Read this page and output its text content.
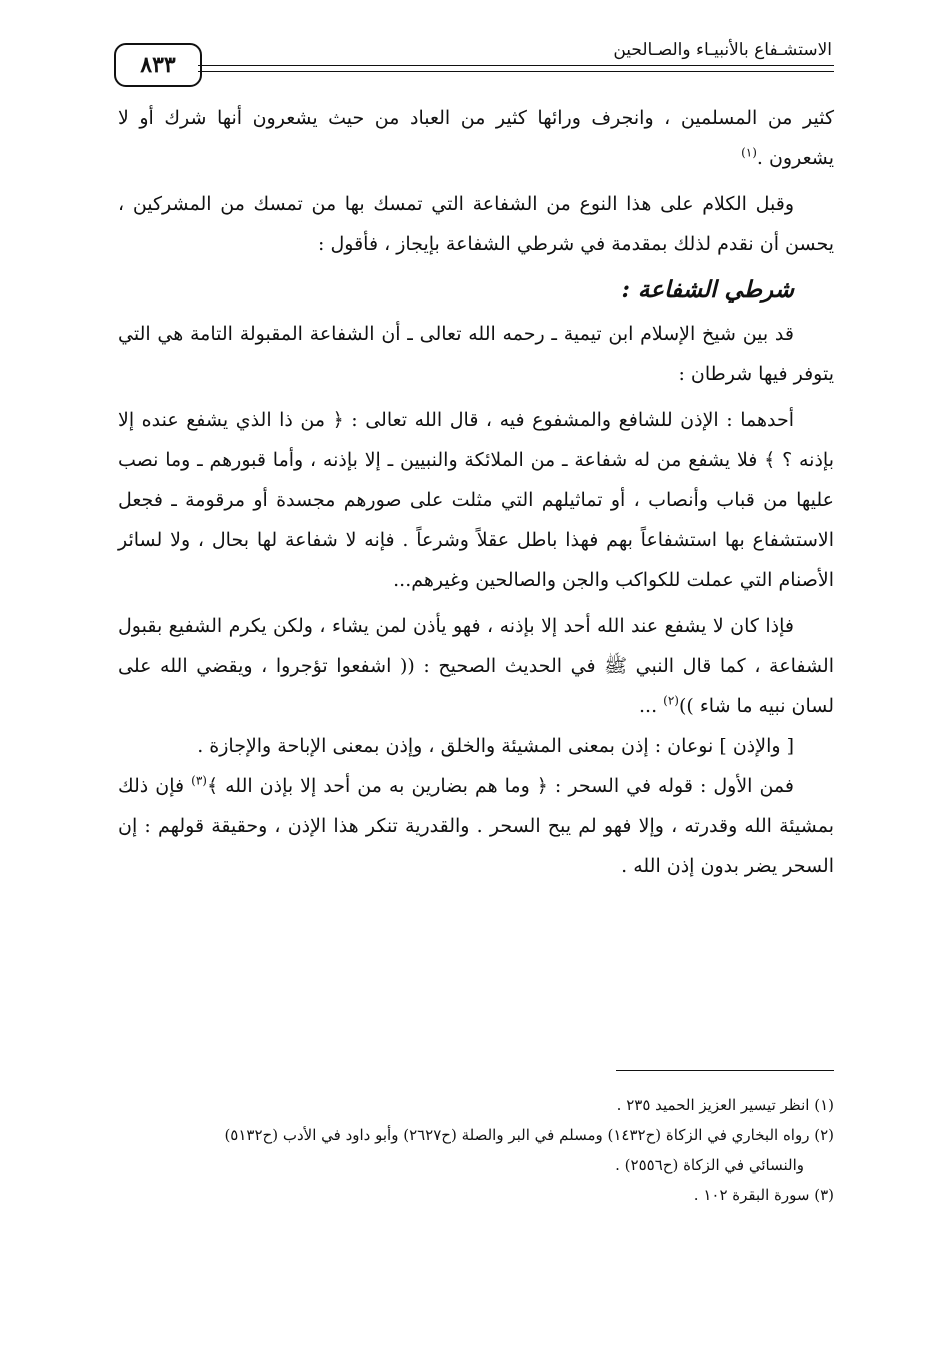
الاستشـفاع بالأنبيـاء والصـالحين
٨٣٣

كثير من المسلمين ، وانجرف ورائها كثير من العباد من حيث يشعرون أنها شرك أو لا يشعرون .$^{(١)}$

وقبل الكلام على هذا النوع من الشفاعة التي تمسك بها من تمسك من المشركين ، يحسن أن نقدم لذلك بمقدمة في شرطي الشفاعة بإيجاز ، فأقول :

شرطي الشفاعة :

قد بين شيخ الإسلام ابن تيمية ـ رحمه الله تعالى ـ أن الشفاعة المقبولة التامة هي التي يتوفر فيها شرطان :

أحدهما : الإذن للشافع والمشفوع فيه ، قال الله تعالى : ﴿ من ذا الذي يشفع عنده إلا بإذنه ؟ ﴾ فلا يشفع من له شفاعة ـ من الملائكة والنبيين ـ إلا بإذنه ، وأما قبورهم ـ وما نصب عليها من قباب وأنصاب ، أو تماثيلهم التي مثلت على صورهم مجسدة أو مرقومة ـ فجعل الاستشفاع بها استشفاعاً بهم فهذا باطل عقلاً وشرعاً . فإنه لا شفاعة لها بحال ، ولا لسائر الأصنام التي عملت للكواكب والجن والصالحين وغيرهم...

فإذا كان لا يشفع عند الله أحد إلا بإذنه ، فهو يأذن لمن يشاء ، ولكن يكرم الشفيع بقبول الشفاعة ، كما قال النبي ﷺ في الحديث الصحيح : (( اشفعوا تؤجروا ، ويقضي الله على لسان نبيه ما شاء ))$^{(٢)}$ ...

[ والإذن ] نوعان : إذن بمعنى المشيئة والخلق ، وإذن بمعنى الإباحة والإجازة .

فمن الأول : قوله في السحر : ﴿ وما هم بضارين به من أحد إلا بإذن الله ﴾$^{(٣)}$ فإن ذلك بمشيئة الله وقدرته ، وإلا فهو لم يبح السحر . والقدرية تنكر هذا الإذن ، وحقيقة قولهم : إن السحر يضر بدون إذن الله .

(١) انظر تيسير العزيز الحميد ٢٣٥ .

(٢) رواه البخاري في الزكاة (ح١٤٣٢) ومسلم في البر والصلة (ح٢٦٢٧) وأبو داود في الأدب (ح٥١٣٢)
والنسائي في الزكاة (ح٢٥٥٦) .

(٣) سورة البقرة ١٠٢ .
